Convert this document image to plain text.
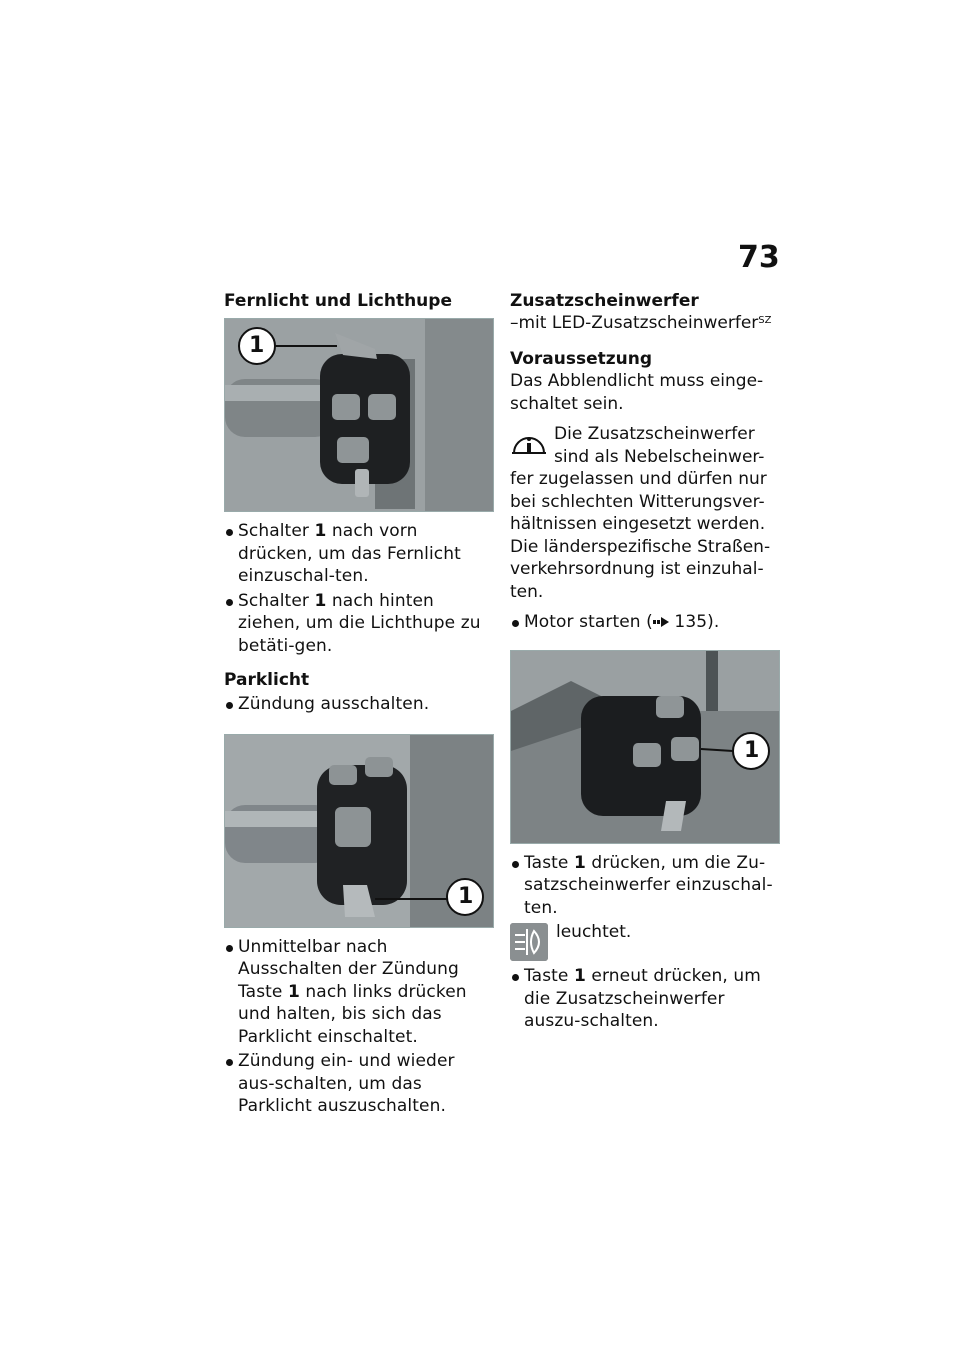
73

Fernlicht und Lichthupe

1
Schalter 1 nach vorn drücken, um das Fernlicht einzuschal-ten.
Schalter 1 nach hinten ziehen, um die Lichthupe zu betäti-gen.

Parklicht

Zündung ausschalten.
1
Unmittelbar nach Ausschalten der Zündung Taste 1 nach links drücken und halten, bis sich das Parklicht einschaltet.
Zündung ein- und wieder aus-schalten, um das Parklicht auszuschalten.

Zusatzscheinwerfer

–mit LED-Zusatzscheinwerfer$^{SZ}$

Voraussetzung

Das Abblendlicht muss einge-schaltet sein.

Die Zusatzscheinwerfer sind als Nebelscheinwer-fer zugelassen und dürfen nur bei schlechten Witterungsver-hältnissen eingesetzt werden. Die länderspezifische Straßen-verkehrsordnung ist einzuhal-ten.
Motor starten ( 135).
1
Taste 1 drücken, um die Zu-satzscheinwerfer einzuschal-ten.
leuchtet.
Taste 1 erneut drücken, um die Zusatzscheinwerfer auszu-schalten.
